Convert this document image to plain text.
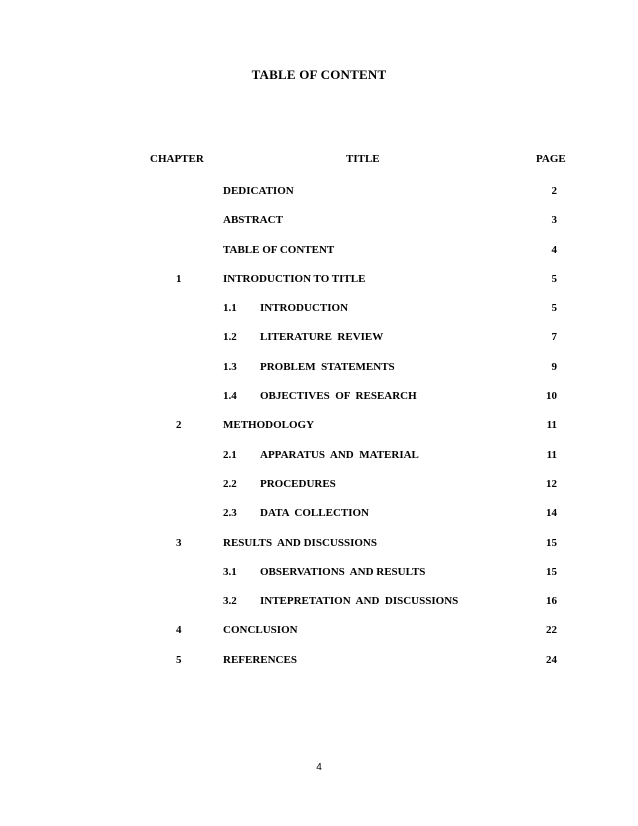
TABLE OF CONTENT
CHAPTER	TITLE	PAGE
DEDICATION	2
ABSTRACT	3
TABLE OF CONTENT	4
1	INTRODUCTION TO TITLE	5
1.1 INTRODUCTION	5
1.2 LITERATURE  REVIEW	7
1.3 PROBLEM  STATEMENTS	9
1.4 OBJECTIVES  OF  RESEARCH	10
2	METHODOLOGY	11
2.1 APPARATUS  AND  MATERIAL	11
2.2 PROCEDURES	12
2.3 DATA  COLLECTION	14
3	RESULTS  AND DISCUSSIONS	15
3.1 OBSERVATIONS  AND RESULTS	15
3.2 INTEPRETATION  AND  DISCUSSIONS	16
4	CONCLUSION	22
5	REFERENCES	24
4
